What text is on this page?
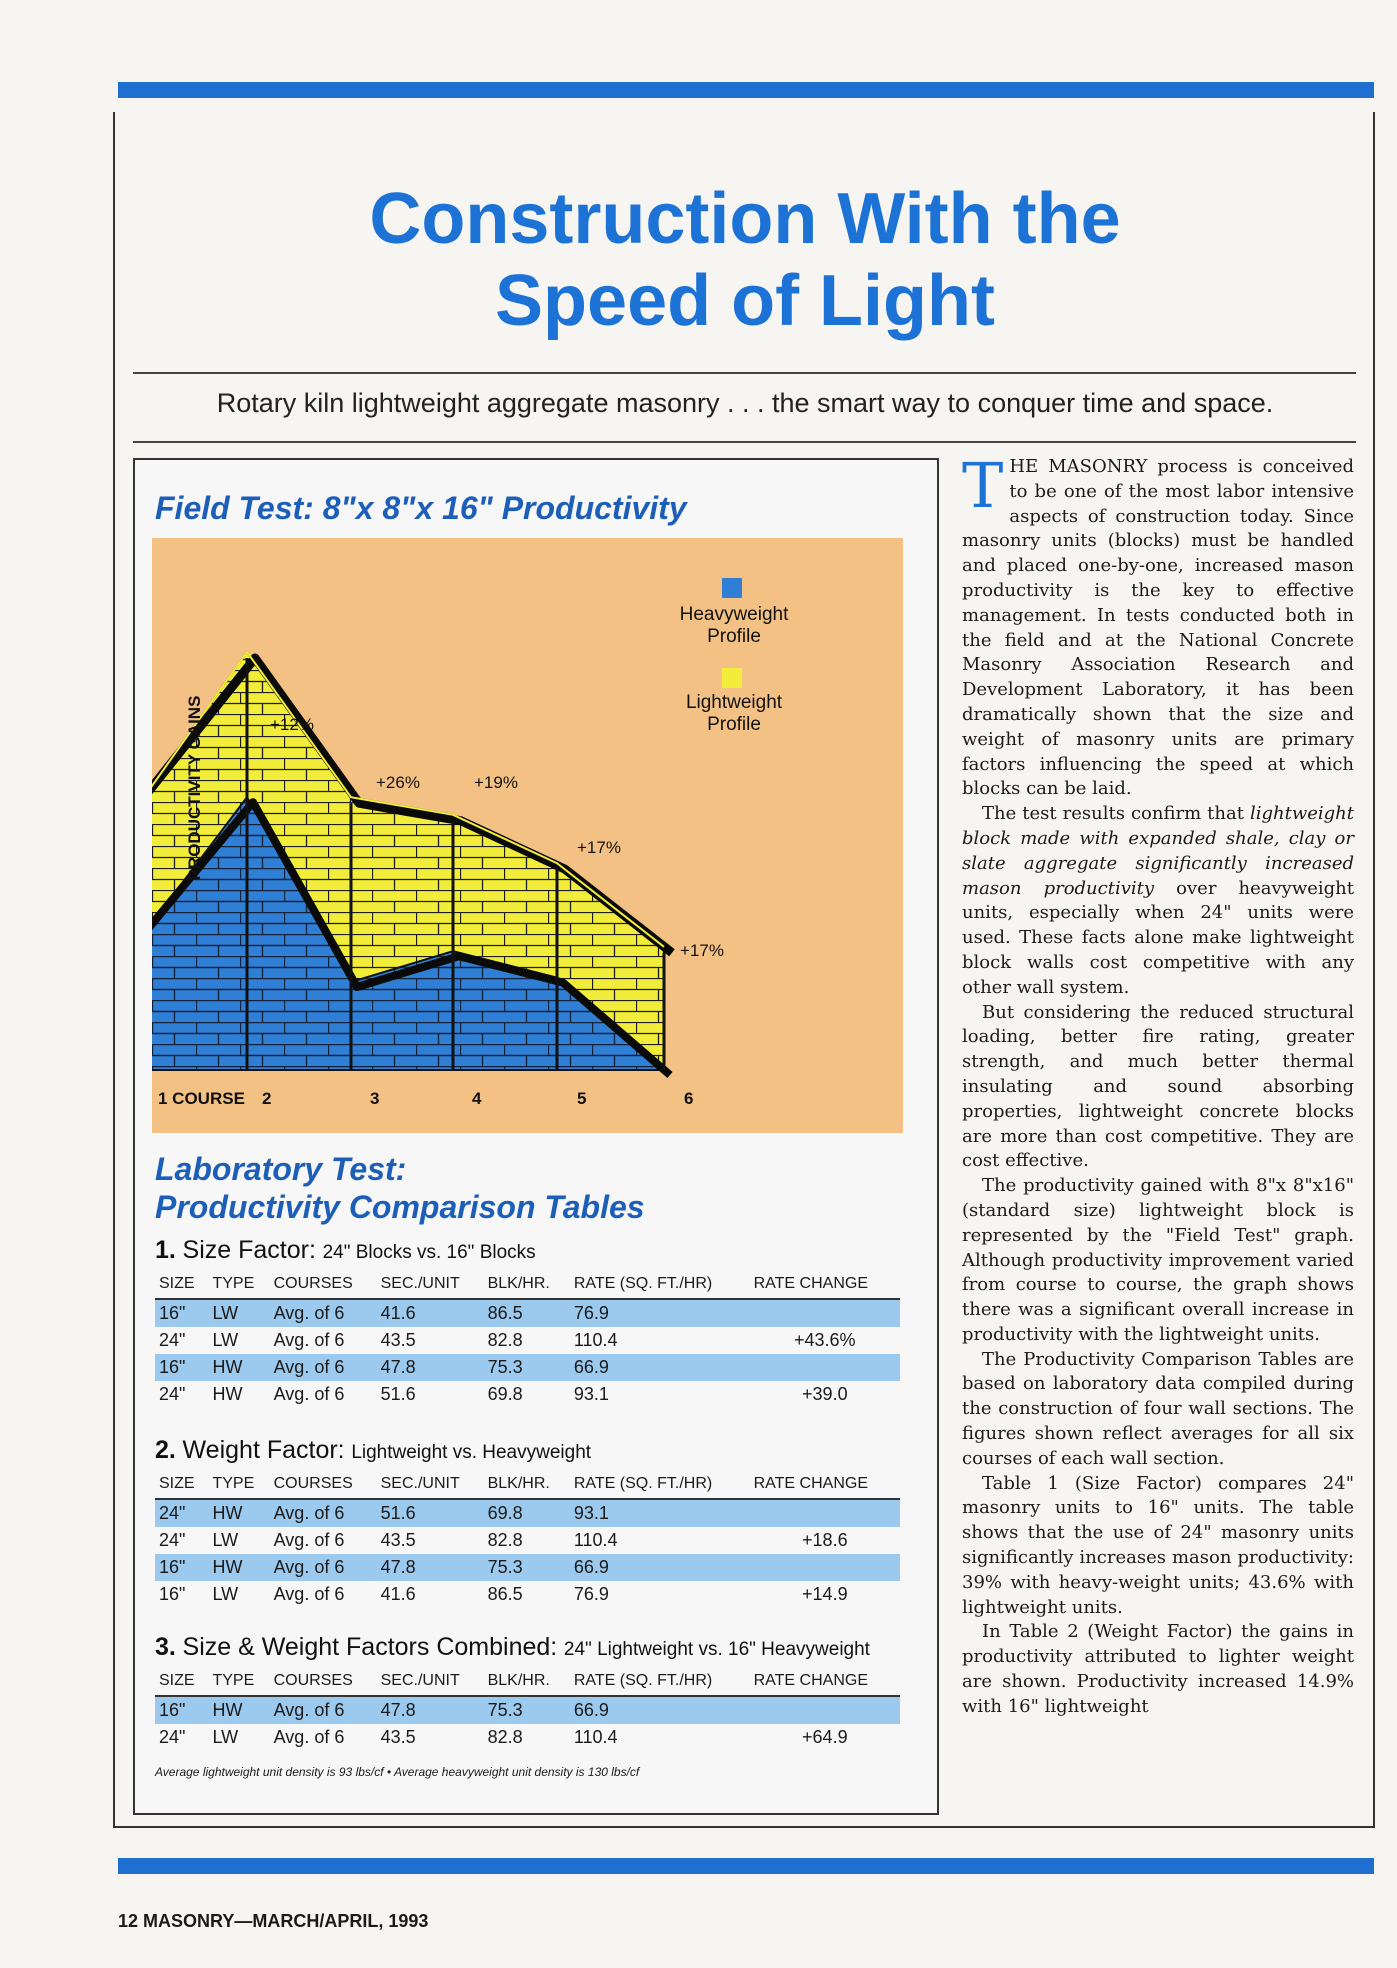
Construction With the
Speed of Light
Rotary kiln lightweight aggregate masonry . . . the smart way to conquer time and space.
Field Test: 8"x 8"x 16" Productivity
+12%
+26%	+19%
+17%
+17%
PRODUCTIVITY GAINS
1 COURSE 2	3	4	5	6
Heavyweight
Profile
Lightweight
Profile
Laboratory Test:
Productivity Comparison Tables
1. Size Factor: 24" Blocks vs. 16" Blocks
SIZE	TYPE	COURSES	SEC./UNIT	BLK/HR.	RATE (SQ. FT./HR)	RATE CHANGE
16"	LW	Avg. of 6	41.6	86.5	76.9	
24"	LW	Avg. of 6	43.5	82.8	110.4	+43.6%
16"	HW	Avg. of 6	47.8	75.3	66.9	
24"	HW	Avg. of 6	51.6	69.8	93.1	+39.0
2. Weight Factor: Lightweight vs. Heavyweight
SIZE	TYPE	COURSES	SEC./UNIT	BLK/HR.	RATE (SQ. FT./HR)	RATE CHANGE
24"	HW	Avg. of 6	51.6	69.8	93.1	
24"	LW	Avg. of 6	43.5	82.8	110.4	+18.6
16"	HW	Avg. of 6	47.8	75.3	66.9	
16"	LW	Avg. of 6	41.6	86.5	76.9	+14.9
3. Size & Weight Factors Combined: 24" Lightweight vs. 16" Heavyweight
SIZE	TYPE	COURSES	SEC./UNIT	BLK/HR.	RATE (SQ. FT./HR)	RATE CHANGE
16"	HW	Avg. of 6	47.8	75.3	66.9	
24"	LW	Avg. of 6	43.5	82.8	110.4	+64.9
Average lightweight unit density is 93 lbs/cf • Average heavyweight unit density is 130 lbs/cf

THE MASONRY process is conceived to be one of the most labor intensive aspects of construction today. Since masonry units (blocks) must be handled and placed one-by-one, increased mason productivity is the key to effective management. In tests conducted both in the field and at the National Concrete Masonry Association Research and Development Laboratory, it has been dramatically shown that the size and weight of masonry units are primary factors influencing the speed at which blocks can be laid.

The test results confirm that lightweight block made with expanded shale, clay or slate aggregate significantly increased mason productivity over heavyweight units, especially when 24" units were used. These facts alone make lightweight block walls cost competitive with any other wall system.

But considering the reduced structural loading, better fire rating, greater strength, and much better thermal insulating and sound absorbing properties, lightweight concrete blocks are more than cost competitive. They are cost effective.

The productivity gained with 8"x 8"x16" (standard size) lightweight block is represented by the "Field Test" graph. Although productivity improvement varied from course to course, the graph shows there was a significant overall increase in productivity with the lightweight units.

The Productivity Comparison Tables are based on laboratory data compiled during the construction of four wall sections. The figures shown reflect averages for all six courses of each wall section.

Table 1 (Size Factor) compares 24" masonry units to 16" units. The table shows that the use of 24" masonry units significantly increases mason productivity: 39% with heavy-weight units; 43.6% with lightweight units.

In Table 2 (Weight Factor) the gains in productivity attributed to lighter weight are shown. Productivity increased 14.9% with 16" lightweight

12 MASONRY—MARCH/APRIL, 1993
